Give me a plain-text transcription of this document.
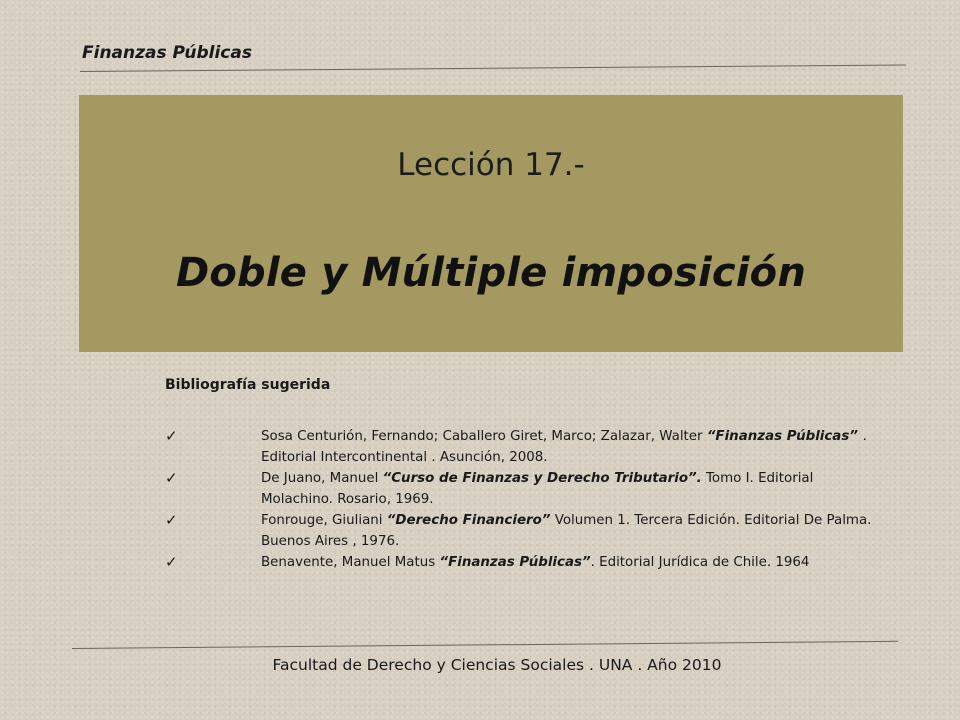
Finanzas Públicas
Lección 17.-
Doble y Múltiple imposición
Bibliografía sugerida
✓	Sosa Centurión, Fernando; Caballero Giret, Marco; Zalazar, Walter “Finanzas Públicas” . Editorial Intercontinental . Asunción, 2008.
✓	De Juano, Manuel “Curso de Finanzas y Derecho Tributario”. Tomo I. Editorial Molachino. Rosario, 1969.
✓	Fonrouge, Giuliani “Derecho Financiero” Volumen 1. Tercera Edición. Editorial De Palma. Buenos Aires , 1976.
✓	Benavente, Manuel Matus “Finanzas Públicas”. Editorial Jurídica de Chile. 1964
Facultad de Derecho y Ciencias Sociales . UNA . Año 2010
